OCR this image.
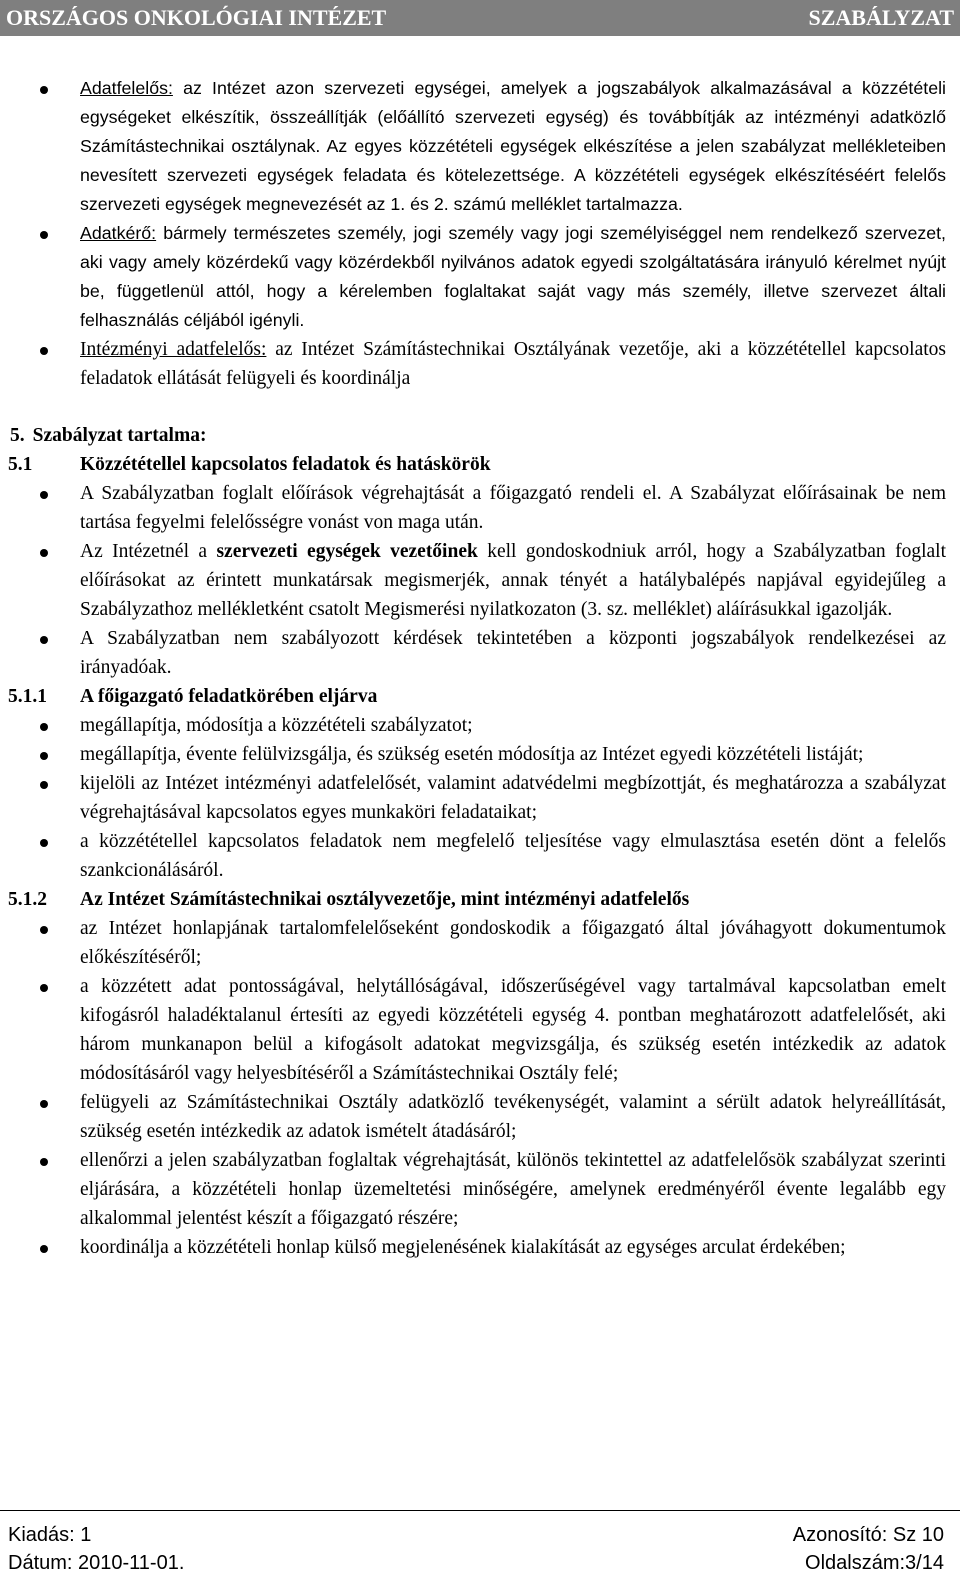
ORSZÁGOS ONKOLÓGIAI INTÉZET	SZABÁLYZAT
Adatfelelős: az Intézet azon szervezeti egységei, amelyek a jogszabályok alkalmazásával a közzétételi egységeket elkészítik, összeállítják (előállító szervezeti egység) és továbbítják az intézményi adatközlő Számítástechnikai osztálynak. Az egyes közzétételi egységek elkészítése a jelen szabályzat mellékleteiben nevesített szervezeti egységek feladata és kötelezettsége. A közzétételi egységek elkészítéséért felelős szervezeti egységek megnevezését az 1. és 2. számú melléklet tartalmazza.
Adatkérő: bármely természetes személy, jogi személy vagy jogi személyiséggel nem rendelkező szervezet, aki vagy amely közérdekű vagy közérdekből nyilvános adatok egyedi szolgáltatására irányuló kérelmet nyújt be, függetlenül attól, hogy a kérelemben foglaltakat saját vagy más személy, illetve szervezet általi felhasználás céljából igényli.
Intézményi adatfelelős: az Intézet Számítástechnikai Osztályának vezetője, aki a közzététellel kapcsolatos feladatok ellátását felügyeli és koordinálja
5. Szabályzat tartalma:
5.1 Közzététellel kapcsolatos feladatok és hatáskörök
A Szabályzatban foglalt előírások végrehajtását a főigazgató rendeli el. A Szabályzat előírásainak be nem tartása fegyelmi felelősségre vonást von maga után.
Az Intézetnél a szervezeti egységek vezetőinek kell gondoskodniuk arról, hogy a Szabályzatban foglalt előírásokat az érintett munkatársak megismerjék, annak tényét a hatálybalépés napjával egyidejűleg a Szabályzathoz mellékletként csatolt Megismerési nyilatkozaton (3. sz. melléklet) aláírásukkal igazolják.
A Szabályzatban nem szabályozott kérdések tekintetében a központi jogszabályok rendelkezései az irányadóak.
5.1.1 A főigazgató feladatkörében eljárva
megállapítja, módosítja a közzétételi szabályzatot;
megállapítja, évente felülvizsgálja, és szükség esetén módosítja az Intézet egyedi közzétételi listáját;
kijelöli az Intézet intézményi adatfelelősét, valamint adatvédelmi megbízottját, és meghatározza a szabályzat végrehajtásával kapcsolatos egyes munkaköri feladataikat;
a közzététellel kapcsolatos feladatok nem megfelelő teljesítése vagy elmulasztása esetén dönt a felelős szankcionálásáról.
5.1.2 Az Intézet Számítástechnikai osztályvezetője, mint intézményi adatfelelős
az Intézet honlapjának tartalomfelelőseként gondoskodik a főigazgató által jóváhagyott dokumentumok előkészítéséről;
a közzétett adat pontosságával, helytállóságával, időszerűségével vagy tartalmával kapcsolatban emelt kifogásról haladéktalanul értesíti az egyedi közzétételi egység 4. pontban meghatározott adatfelelősét, aki három munkanapon belül a kifogásolt adatokat megvizsgálja, és szükség esetén intézkedik az adatok módosításáról vagy helyesbítéséről a Számítástechnikai Osztály felé;
felügyeli az Számítástechnikai Osztály adatközlő tevékenységét, valamint a sérült adatok helyreállítását, szükség esetén intézkedik az adatok ismételt átadásáról;
ellenőrzi a jelen szabályzatban foglaltak végrehajtását, különös tekintettel az adatfelelősök szabályzat szerinti eljárására, a közzétételi honlap üzemeltetési minőségére, amelynek eredményéről évente legalább egy alkalommal jelentést készít a főigazgató részére;
koordinálja a közzétételi honlap külső megjelenésének kialakítását az egységes arculat érdekében;
Kiadás: 1	Azonosító: Sz 10
Dátum: 2010-11-01.	Oldalszám:3/14
